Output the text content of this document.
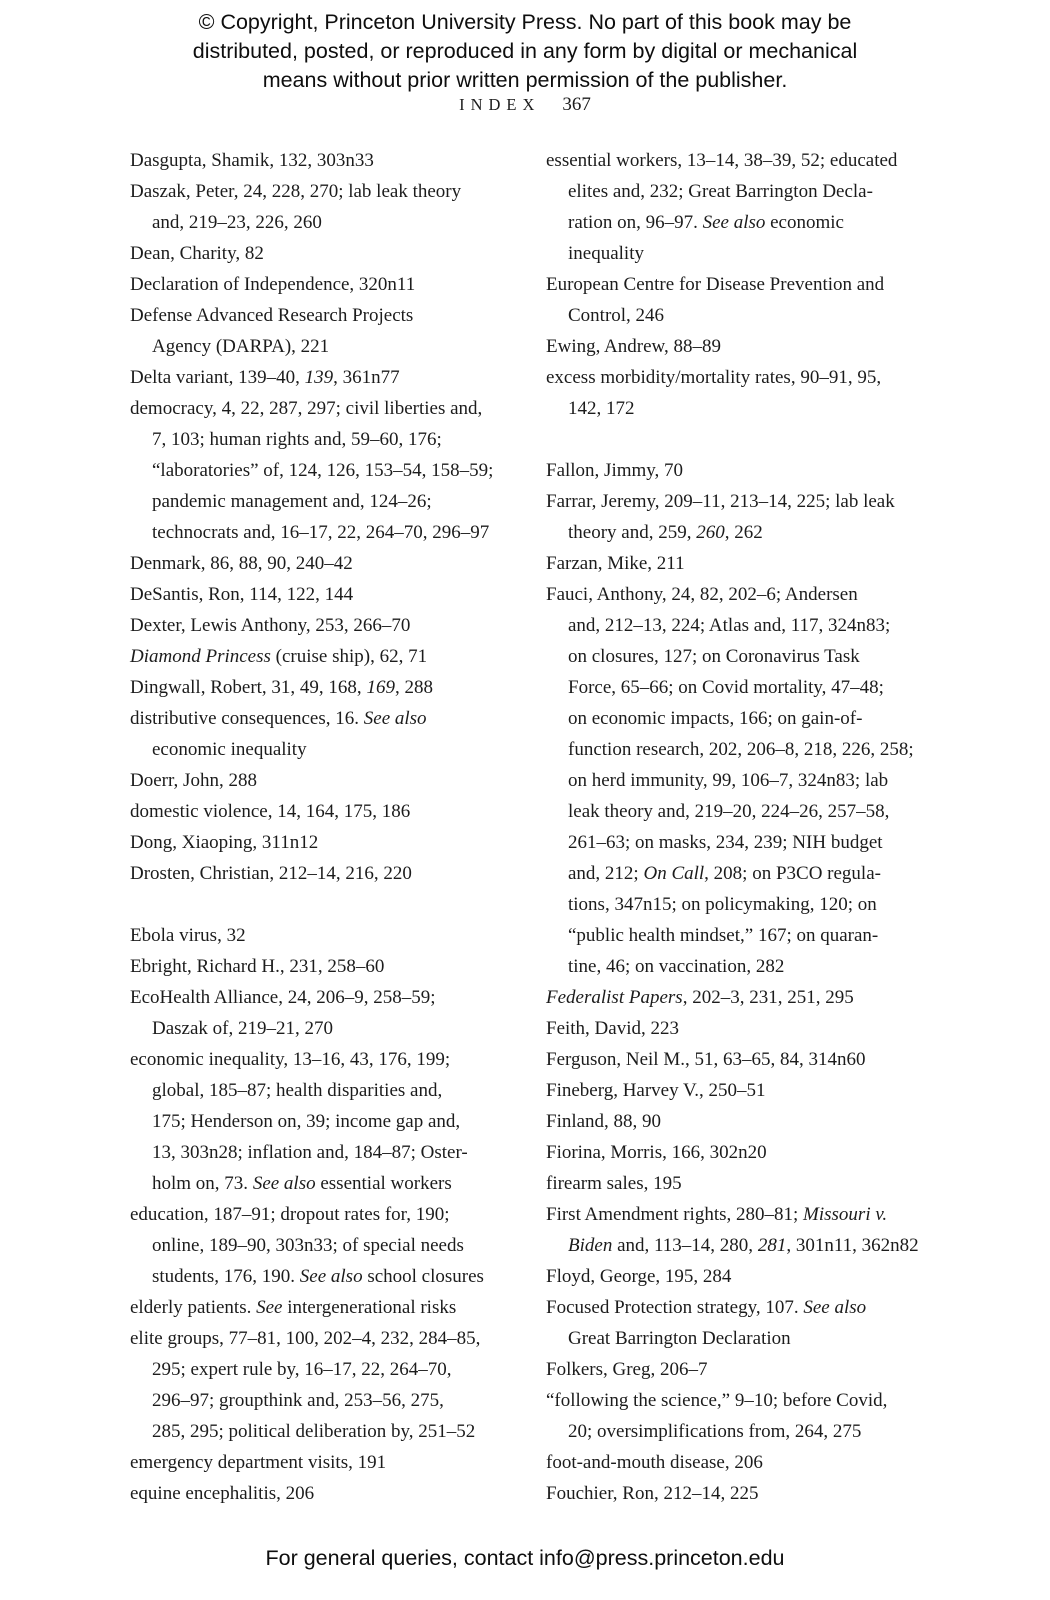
© Copyright, Princeton University Press. No part of this book may be
distributed, posted, or reproduced in any form by digital or mechanical
means without prior written permission of the publisher.
INDEX 367
Dasgupta, Shamik, 132, 303n33
Daszak, Peter, 24, 228, 270; lab leak theory
and, 219–23, 226, 260
Dean, Charity, 82
Declaration of Independence, 320n11
Defense Advanced Research Projects
Agency (DARPA), 221
Delta variant, 139–40, 139, 361n77
democracy, 4, 22, 287, 297; civil liberties and,
7, 103; human rights and, 59–60, 176;
“laboratories” of, 124, 126, 153–54, 158–59;
pandemic management and, 124–26;
technocrats and, 16–17, 22, 264–70, 296–97
Denmark, 86, 88, 90, 240–42
DeSantis, Ron, 114, 122, 144
Dexter, Lewis Anthony, 253, 266–70
Diamond Princess (cruise ship), 62, 71
Dingwall, Robert, 31, 49, 168, 169, 288
distributive consequences, 16. See also
economic inequality
Doerr, John, 288
domestic violence, 14, 164, 175, 186
Dong, Xiaoping, 311n12
Drosten, Christian, 212–14, 216, 220
Ebola virus, 32
Ebright, Richard H., 231, 258–60
EcoHealth Alliance, 24, 206–9, 258–59;
Daszak of, 219–21, 270
economic inequality, 13–16, 43, 176, 199;
global, 185–87; health disparities and,
175; Henderson on, 39; income gap and,
13, 303n28; inflation and, 184–87; Oster-
holm on, 73. See also essential workers
education, 187–91; dropout rates for, 190;
online, 189–90, 303n33; of special needs
students, 176, 190. See also school closures
elderly patients. See intergenerational risks
elite groups, 77–81, 100, 202–4, 232, 284–85,
295; expert rule by, 16–17, 22, 264–70,
296–97; groupthink and, 253–56, 275,
285, 295; political deliberation by, 251–52
emergency department visits, 191
equine encephalitis, 206
essential workers, 13–14, 38–39, 52; educated
elites and, 232; Great Barrington Decla-
ration on, 96–97. See also economic
inequality
European Centre for Disease Prevention and
Control, 246
Ewing, Andrew, 88–89
excess morbidity/mortality rates, 90–91, 95,
142, 172
Fallon, Jimmy, 70
Farrar, Jeremy, 209–11, 213–14, 225; lab leak
theory and, 259, 260, 262
Farzan, Mike, 211
Fauci, Anthony, 24, 82, 202–6; Andersen
and, 212–13, 224; Atlas and, 117, 324n83;
on closures, 127; on Coronavirus Task
Force, 65–66; on Covid mortality, 47–48;
on economic impacts, 166; on gain-of-
function research, 202, 206–8, 218, 226, 258;
on herd immunity, 99, 106–7, 324n83; lab
leak theory and, 219–20, 224–26, 257–58,
261–63; on masks, 234, 239; NIH budget
and, 212; On Call, 208; on P3CO regula-
tions, 347n15; on policymaking, 120; on
“public health mindset,” 167; on quaran-
tine, 46; on vaccination, 282
Federalist Papers, 202–3, 231, 251, 295
Feith, David, 223
Ferguson, Neil M., 51, 63–65, 84, 314n60
Fineberg, Harvey V., 250–51
Finland, 88, 90
Fiorina, Morris, 166, 302n20
firearm sales, 195
First Amendment rights, 280–81; Missouri v.
Biden and, 113–14, 280, 281, 301n11, 362n82
Floyd, George, 195, 284
Focused Protection strategy, 107. See also
Great Barrington Declaration
Folkers, Greg, 206–7
“following the science,” 9–10; before Covid,
20; oversimplifications from, 264, 275
foot-and-mouth disease, 206
Fouchier, Ron, 212–14, 225
For general queries, contact info@press.princeton.edu
